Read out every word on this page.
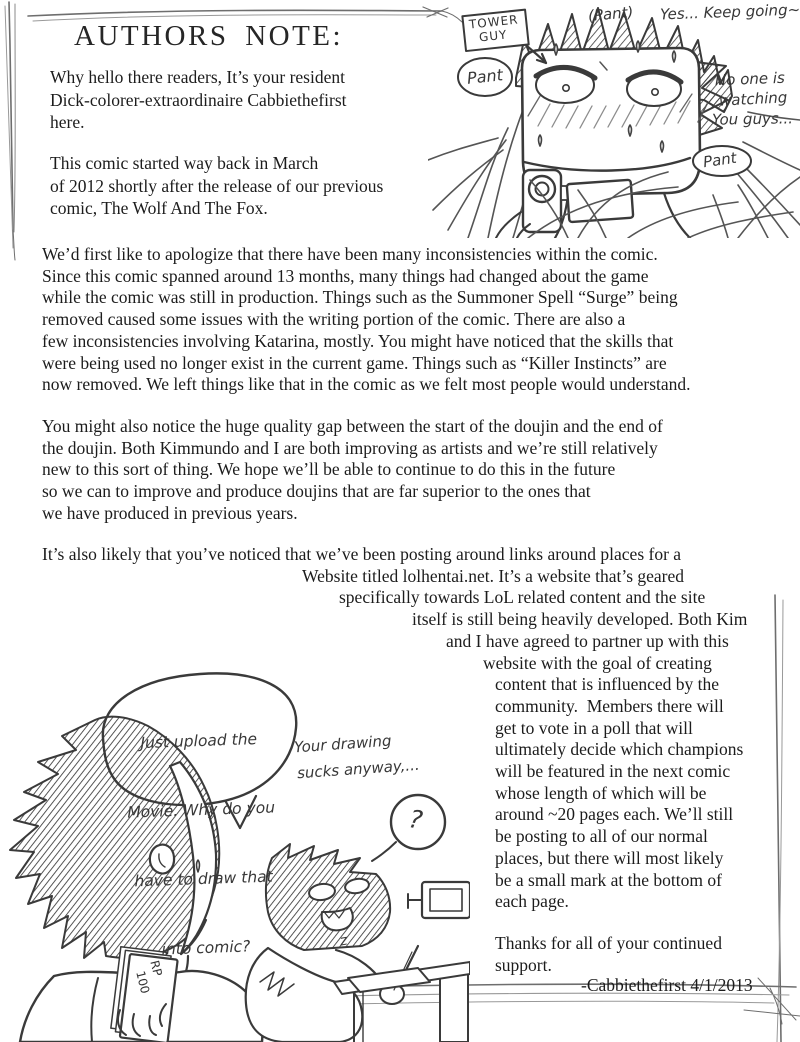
AUTHORS NOTE:
Why hello there readers, It’s your resident
Dick-colorer-extraordinaire Cabbiethefirst
here.
This comic started way back in March
of 2012 shortly after the release of our previous
comic, The Wolf And The Fox.
We’d first like to apologize that there have been many inconsistencies within the comic.
Since this comic spanned around 13 months, many things had changed about the game
while the comic was still in production. Things such as the Summoner Spell “Surge” being
removed caused some issues with the writing portion of the comic. There are also a
few inconsistencies involving Katarina, mostly. You might have noticed that the skills that
were being used no longer exist in the current game. Things such as “Killer Instincts” are
now removed. We left things like that in the comic as we felt most people would understand.
You might also notice the huge quality gap between the start of the doujin and the end of
the doujin. Both Kimmundo and I are both improving as artists and we’re still relatively
new to this sort of thing. We hope we’ll be able to continue to do this in the future
so we can to improve and produce doujins that are far superior to the ones that
we have produced in previous years.
It’s also likely that you’ve noticed that we’ve been posting around links around places for a
Website titled lolhentai.net. It’s a website that’s geared
specifically towards LoL related content and the site
itself is still being heavily developed. Both Kim
and I have agreed to partner up with this
website with the goal of creating
content that is influenced by the
community.  Members there will
get to vote in a poll that will
ultimately decide which champions
will be featured in the next comic
whose length of which will be
around ~20 pages each. We’ll still
be posting to all of our normal
places, but there will most likely
be a small mark at the bottom of
each page.
Thanks for all of your continued
support.
-Cabbiethefirst 4/1/2013
TOWER
GUY
(Pant) Yes... Keep going~
Pant	No one is
watching
You guys...
Pant

Just upload the

Movie. Why do you

have to draw that

into comic?

Your drawing
sucks anyway,...
?
RP
100
z
